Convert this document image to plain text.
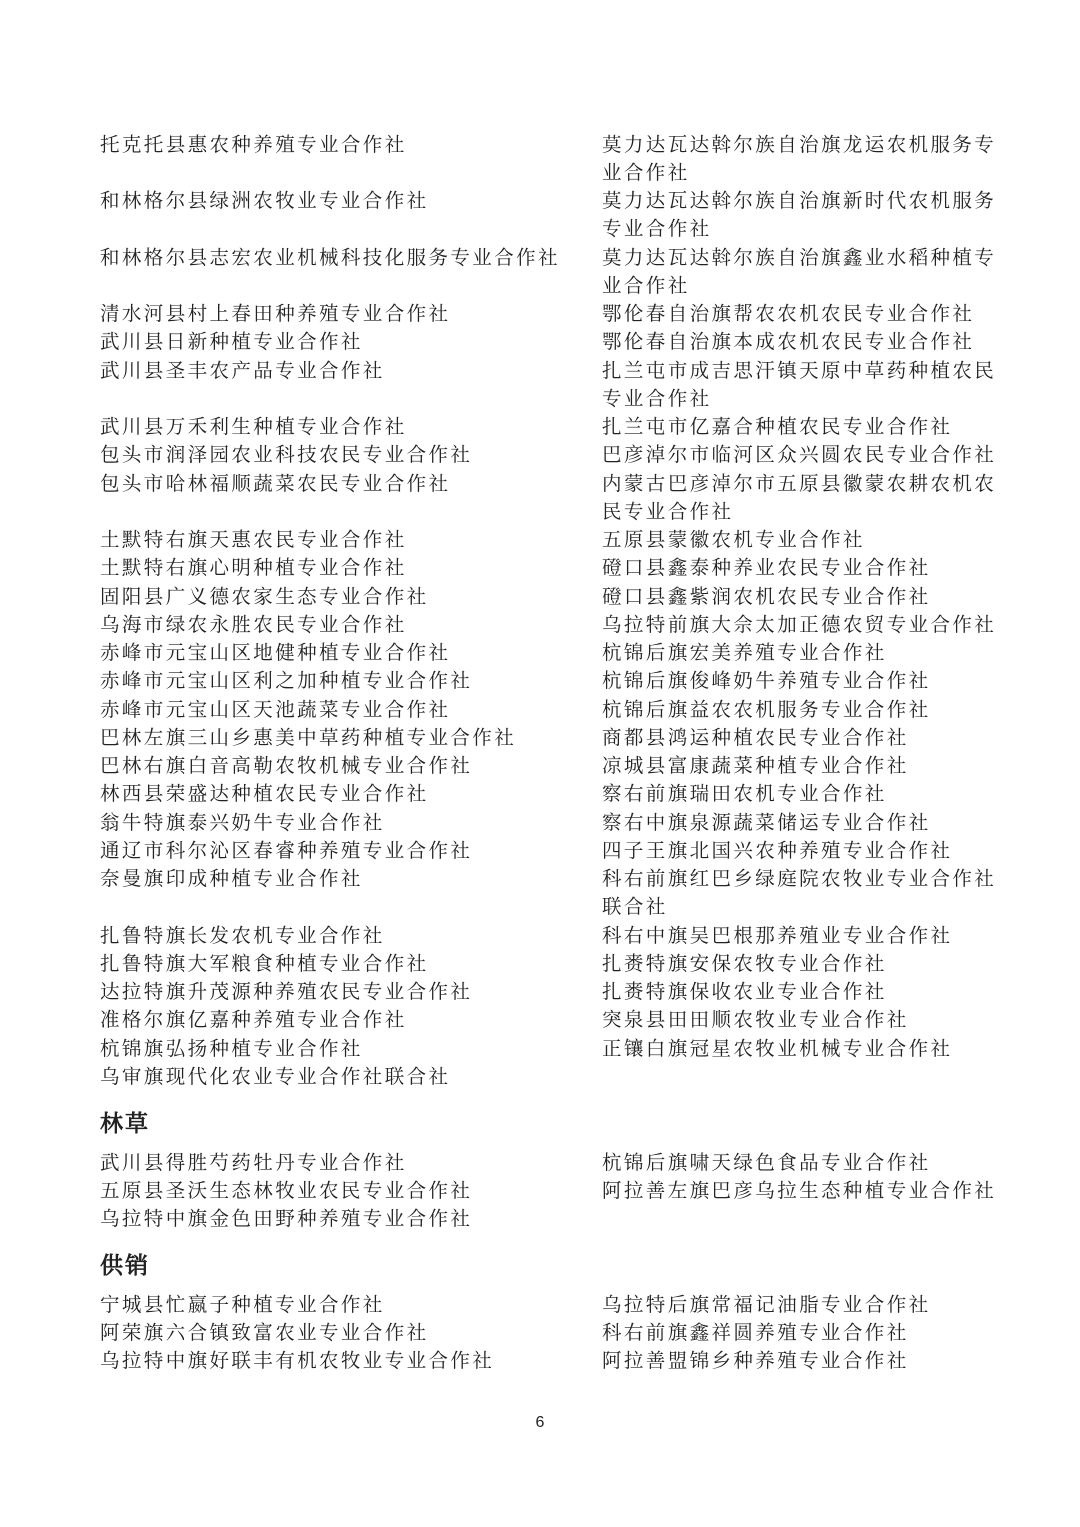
托克托县惠农种养殖专业合作社
和林格尔县绿洲农牧业专业合作社
和林格尔县志宏农业机械科技化服务专业合作社
清水河县村上春田种养殖专业合作社
武川县日新种植专业合作社
武川县圣丰农产品专业合作社
武川县万禾利生种植专业合作社
包头市润泽园农业科技农民专业合作社
包头市哈林福顺蔬菜农民专业合作社
土默特右旗天惠农民专业合作社
土默特右旗心明种植专业合作社
固阳县广义德农家生态专业合作社
乌海市绿农永胜农民专业合作社
赤峰市元宝山区地健种植专业合作社
赤峰市元宝山区利之加种植专业合作社
赤峰市元宝山区天池蔬菜专业合作社
巴林左旗三山乡惠美中草药种植专业合作社
巴林右旗白音高勒农牧机械专业合作社
林西县荣盛达种植农民专业合作社
翁牛特旗泰兴奶牛专业合作社
通辽市科尔沁区春睿种养殖专业合作社
奈曼旗印成种植专业合作社
扎鲁特旗长发农机专业合作社
扎鲁特旗大军粮食种植专业合作社
达拉特旗升茂源种养殖农民专业合作社
准格尔旗亿嘉种养殖专业合作社
杭锦旗弘扬种植专业合作社
乌审旗现代化农业专业合作社联合社
莫力达瓦达斡尔族自治旗龙运农机服务专业合作社
莫力达瓦达斡尔族自治旗新时代农机服务专业合作社
莫力达瓦达斡尔族自治旗鑫业水稻种植专业合作社
鄂伦春自治旗帮农农机农民专业合作社
鄂伦春自治旗本成农机农民专业合作社
扎兰屯市成吉思汗镇天原中草药种植农民专业合作社
扎兰屯市亿嘉合种植农民专业合作社
巴彦淖尔市临河区众兴圆农民专业合作社
内蒙古巴彦淖尔市五原县徽蒙农耕农机农民专业合作社
五原县蒙徽农机专业合作社
磴口县鑫泰种养业农民专业合作社
磴口县鑫紫润农机农民专业合作社
乌拉特前旗大佘太加正德农贸专业合作社
杭锦后旗宏美养殖专业合作社
杭锦后旗俊峰奶牛养殖专业合作社
杭锦后旗益农农机服务专业合作社
商都县鸿运种植农民专业合作社
凉城县富康蔬菜种植专业合作社
察右前旗瑞田农机专业合作社
察右中旗泉源蔬菜储运专业合作社
四子王旗北国兴农种养殖专业合作社
科右前旗红巴乡绿庭院农牧业专业合作社联合社
科右中旗吴巴根那养殖业专业合作社
扎赉特旗安保农牧专业合作社
扎赉特旗保收农业专业合作社
突泉县田田顺农牧业专业合作社
正镶白旗冠星农牧业机械专业合作社
林草
武川县得胜芍药牡丹专业合作社
五原县圣沃生态林牧业农民专业合作社
乌拉特中旗金色田野种养殖专业合作社
杭锦后旗啸天绿色食品专业合作社
阿拉善左旗巴彦乌拉生态种植专业合作社
供销
宁城县忙嬴子种植专业合作社
阿荣旗六合镇致富农业专业合作社
乌拉特中旗好联丰有机农牧业专业合作社
乌拉特后旗常福记油脂专业合作社
科右前旗鑫祥圆养殖专业合作社
阿拉善盟锦乡种养殖专业合作社
6
